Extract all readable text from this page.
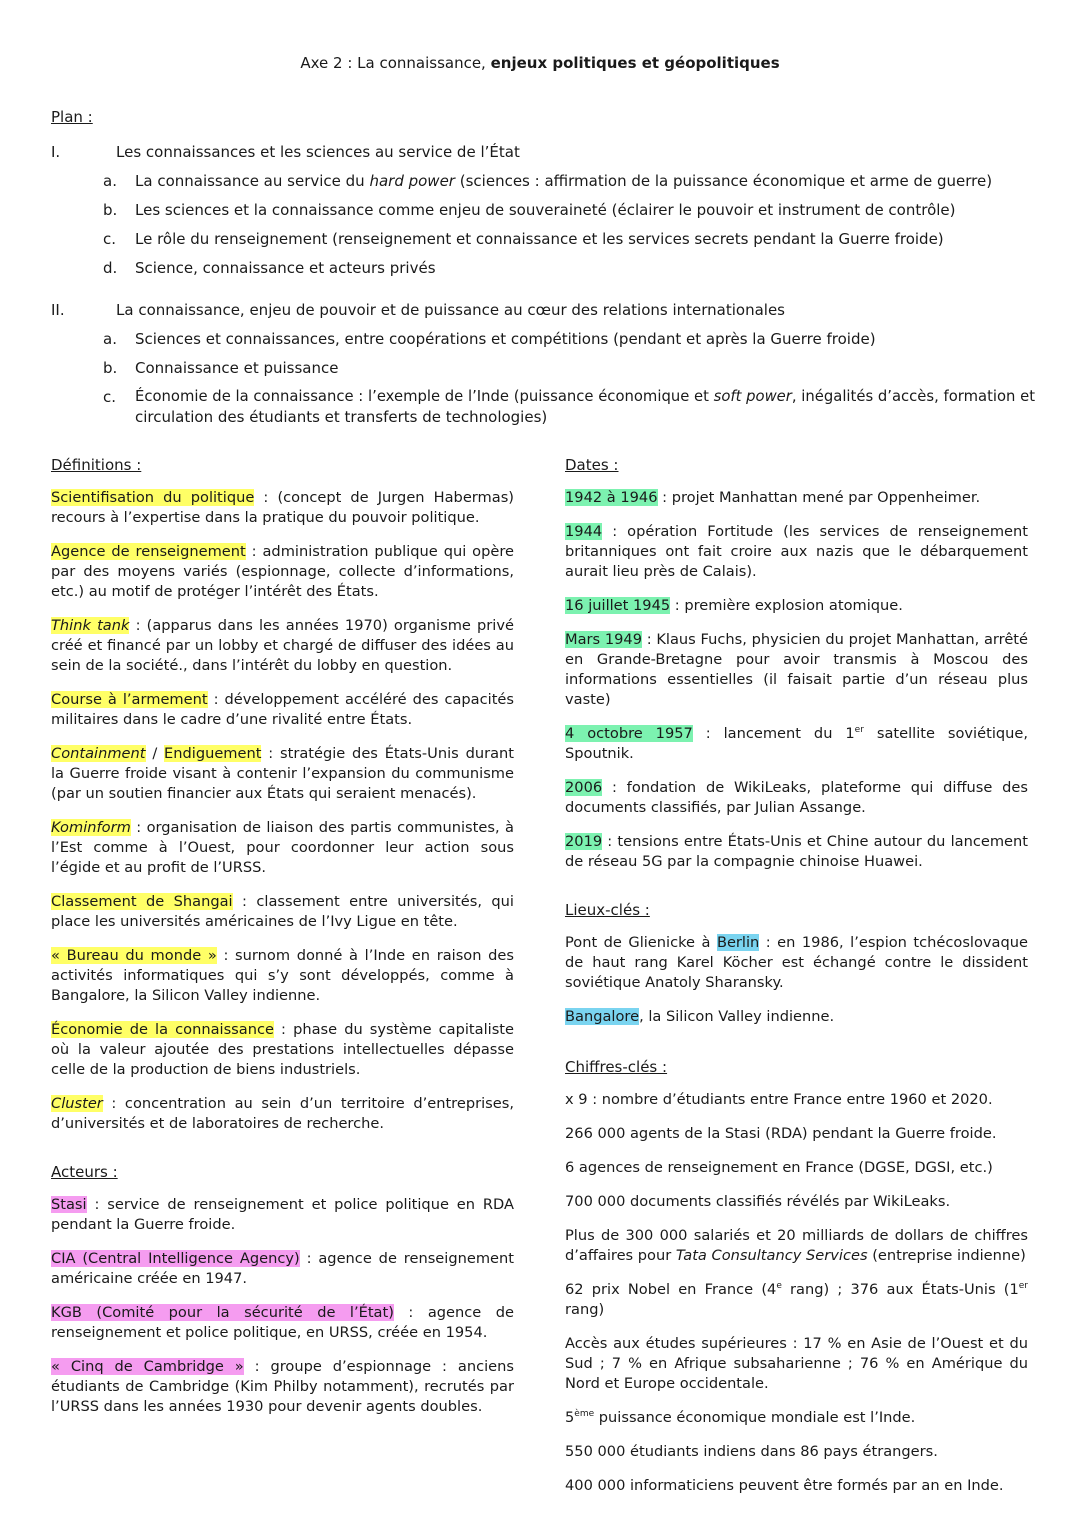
Axe 2 : La connaissance, enjeux politiques et géopolitiques
Plan :
I.	Les connaissances et les sciences au service de l’État
a. La connaissance au service du hard power (sciences : affirmation de la puissance économique et arme de guerre)
b. Les sciences et la connaissance comme enjeu de souveraineté (éclairer le pouvoir et instrument de contrôle)
c. Le rôle du renseignement (renseignement et connaissance et les services secrets pendant la Guerre froide)
d. Science, connaissance et acteurs privés
II.	La connaissance, enjeu de pouvoir et de puissance au cœur des relations internationales
a. Sciences et connaissances, entre coopérations et compétitions (pendant et après la Guerre froide)
b. Connaissance et puissance
c. Économie de la connaissance : l’exemple de l’Inde (puissance économique et soft power, inégalités d’accès, formation et
circulation des étudiants et transferts de technologies)
Définitions :
Scientifisation du politique : (concept de Jurgen Habermas) recours à l’expertise dans la pratique du pouvoir politique.
Agence de renseignement : administration publique qui opère par des moyens variés (espionnage, collecte d’informations, etc.) au motif de protéger l’intérêt des États.
Think tank : (apparus dans les années 1970) organisme privé créé et financé par un lobby et chargé de diffuser des idées au sein de la société., dans l’intérêt du lobby en question.
Course à l’armement : développement accéléré des capacités militaires dans le cadre d’une rivalité entre États.
Containment / Endiguement : stratégie des États-Unis durant la Guerre froide visant à contenir l’expansion du communisme (par un soutien financier aux États qui seraient menacés).
Kominform : organisation de liaison des partis communistes, à l’Est comme à l’Ouest, pour coordonner leur action sous l’égide et au profit de l’URSS.
Classement de Shangai : classement entre universités, qui place les universités américaines de l’Ivy Ligue en tête.
« Bureau du monde » : surnom donné à l’Inde en raison des activités informatiques qui s’y sont développés, comme à Bangalore, la Silicon Valley indienne.
Économie de la connaissance : phase du système capitaliste où la valeur ajoutée des prestations intellectuelles dépasse celle de la production de biens industriels.
Cluster : concentration au sein d’un territoire d’entreprises, d’universités et de laboratoires de recherche.
Acteurs :
Stasi : service de renseignement et police politique en RDA pendant la Guerre froide.
CIA (Central Intelligence Agency) : agence de renseignement américaine créée en 1947.
KGB (Comité pour la sécurité de l’État) : agence de renseignement et police politique, en URSS, créée en 1954.
« Cinq de Cambridge » : groupe d’espionnage : anciens étudiants de Cambridge (Kim Philby notamment), recrutés par l’URSS dans les années 1930 pour devenir agents doubles.
Dates :
1942 à 1946 : projet Manhattan mené par Oppenheimer.
1944 : opération Fortitude (les services de renseignement britanniques ont fait croire aux nazis que le débarquement aurait lieu près de Calais).
16 juillet 1945 : première explosion atomique.
Mars 1949 : Klaus Fuchs, physicien du projet Manhattan, arrêté en Grande-Bretagne pour avoir transmis à Moscou des informations essentielles (il faisait partie d’un réseau plus vaste)
4 octobre 1957 : lancement du 1er satellite soviétique, Spoutnik.
2006 : fondation de WikiLeaks, plateforme qui diffuse des documents classifiés, par Julian Assange.
2019 : tensions entre États-Unis et Chine autour du lancement de réseau 5G par la compagnie chinoise Huawei.
Lieux-clés :
Pont de Glienicke à Berlin : en 1986, l’espion tchécoslovaque de haut rang Karel Köcher est échangé contre le dissident soviétique Anatoly Sharansky.
Bangalore, la Silicon Valley indienne.
Chiffres-clés :
x 9 : nombre d’étudiants entre France entre 1960 et 2020.
266 000 agents de la Stasi (RDA) pendant la Guerre froide.
6 agences de renseignement en France (DGSE, DGSI, etc.)
700 000 documents classifiés révélés par WikiLeaks.
Plus de 300 000 salariés et 20 milliards de dollars de chiffres d’affaires pour Tata Consultancy Services (entreprise indienne)
62 prix Nobel en France (4e rang) ; 376 aux États-Unis (1er rang)
Accès aux études supérieures : 17 % en Asie de l’Ouest et du Sud ; 7 % en Afrique subsaharienne ; 76 % en Amérique du Nord et Europe occidentale.
5ème puissance économique mondiale est l’Inde.
550 000 étudiants indiens dans 86 pays étrangers.
400 000 informaticiens peuvent être formés par an en Inde.
